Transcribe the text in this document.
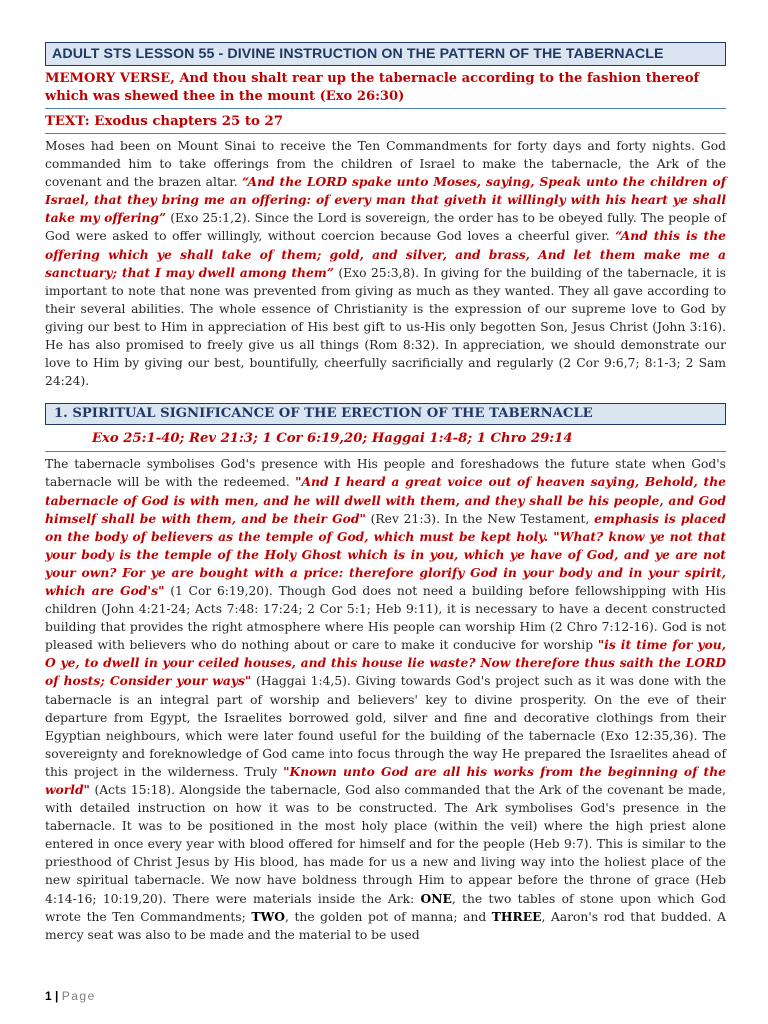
ADULT STS LESSON 55 - DIVINE INSTRUCTION ON THE PATTERN OF THE TABERNACLE
MEMORY VERSE, And thou shalt rear up the tabernacle according to the fashion thereof which was shewed thee in the mount (Exo 26:30)
TEXT: Exodus chapters 25 to 27

Moses had been on Mount Sinai to receive the Ten Commandments for forty days and forty nights. God commanded him to take offerings from the children of Israel to make the tabernacle, the Ark of the covenant and the brazen altar. “And the LORD spake unto Moses, saying, Speak unto the children of Israel, that they bring me an offering: of every man that giveth it willingly with his heart ye shall take my offering” (Exo 25:1,2). Since the Lord is sovereign, the order has to be obeyed fully. The people of God were asked to offer willingly, without coercion because God loves a cheerful giver. “And this is the offering which ye shall take of them; gold, and silver, and brass, And let them make me a sanctuary; that I may dwell among them” (Exo 25:3,8). In giving for the building of the tabernacle, it is important to note that none was prevented from giving as much as they wanted. They all gave according to their several abilities. The whole essence of Christianity is the expression of our supreme love to God by giving our best to Him in appreciation of His best gift to us-His only begotten Son, Jesus Christ (John 3:16). He has also promised to freely give us all things (Rom 8:32). In appreciation, we should demonstrate our love to Him by giving our best, bountifully, cheerfully sacrificially and regularly (2 Cor 9:6,7; 8:1-3; 2 Sam 24:24).

1. SPIRITUAL SIGNIFICANCE OF THE ERECTION OF THE TABERNACLE
Exo 25:1-40; Rev 21:3; 1 Cor 6:19,20; Haggai 1:4-8; 1 Chro 29:14

The tabernacle symbolises God's presence with His people and foreshadows the future state when God's tabernacle will be with the redeemed. "And I heard a great voice out of heaven saying, Behold, the tabernacle of God is with men, and he will dwell with them, and they shall be his people, and God himself shall be with them, and be their God" (Rev 21:3). In the New Testament, emphasis is placed on the body of believers as the temple of God, which must be kept holy. "What? know ye not that your body is the temple of the Holy Ghost which is in you, which ye have of God, and ye are not your own? For ye are bought with a price: therefore glorify God in your body and in your spirit, which are God's" (1 Cor 6:19,20). Though God does not need a building before fellowshipping with His children (John 4:21-24; Acts 7:48: 17:24; 2 Cor 5:1; Heb 9:11), it is necessary to have a decent constructed building that provides the right atmosphere where His people can worship Him (2 Chro 7:12-16). God is not pleased with believers who do nothing about or care to make it conducive for worship "is it time for you, O ye, to dwell in your ceiled houses, and this house lie waste? Now therefore thus saith the LORD of hosts; Consider your ways" (Haggai 1:4,5). Giving towards God's project such as it was done with the tabernacle is an integral part of worship and believers' key to divine prosperity. On the eve of their departure from Egypt, the Israelites borrowed gold, silver and fine and decorative clothings from their Egyptian neighbours, which were later found useful for the building of the tabernacle (Exo 12:35,36). The sovereignty and foreknowledge of God came into focus through the way He prepared the Israelites ahead of this project in the wilderness. Truly "Known unto God are all his works from the beginning of the world" (Acts 15:18). Alongside the tabernacle, God also commanded that the Ark of the covenant be made, with detailed instruction on how it was to be constructed. The Ark symbolises God's presence in the tabernacle. It was to be positioned in the most holy place (within the veil) where the high priest alone entered in once every year with blood offered for himself and for the people (Heb 9:7). This is similar to the priesthood of Christ Jesus by His blood, has made for us a new and living way into the holiest place of the new spiritual tabernacle. We now have boldness through Him to appear before the throne of grace (Heb 4:14-16; 10:19,20). There were materials inside the Ark: ONE, the two tables of stone upon which God wrote the Ten Commandments; TWO, the golden pot of manna; and THREE, Aaron's rod that budded. A mercy seat was also to be made and the material to be used

1 | Page
